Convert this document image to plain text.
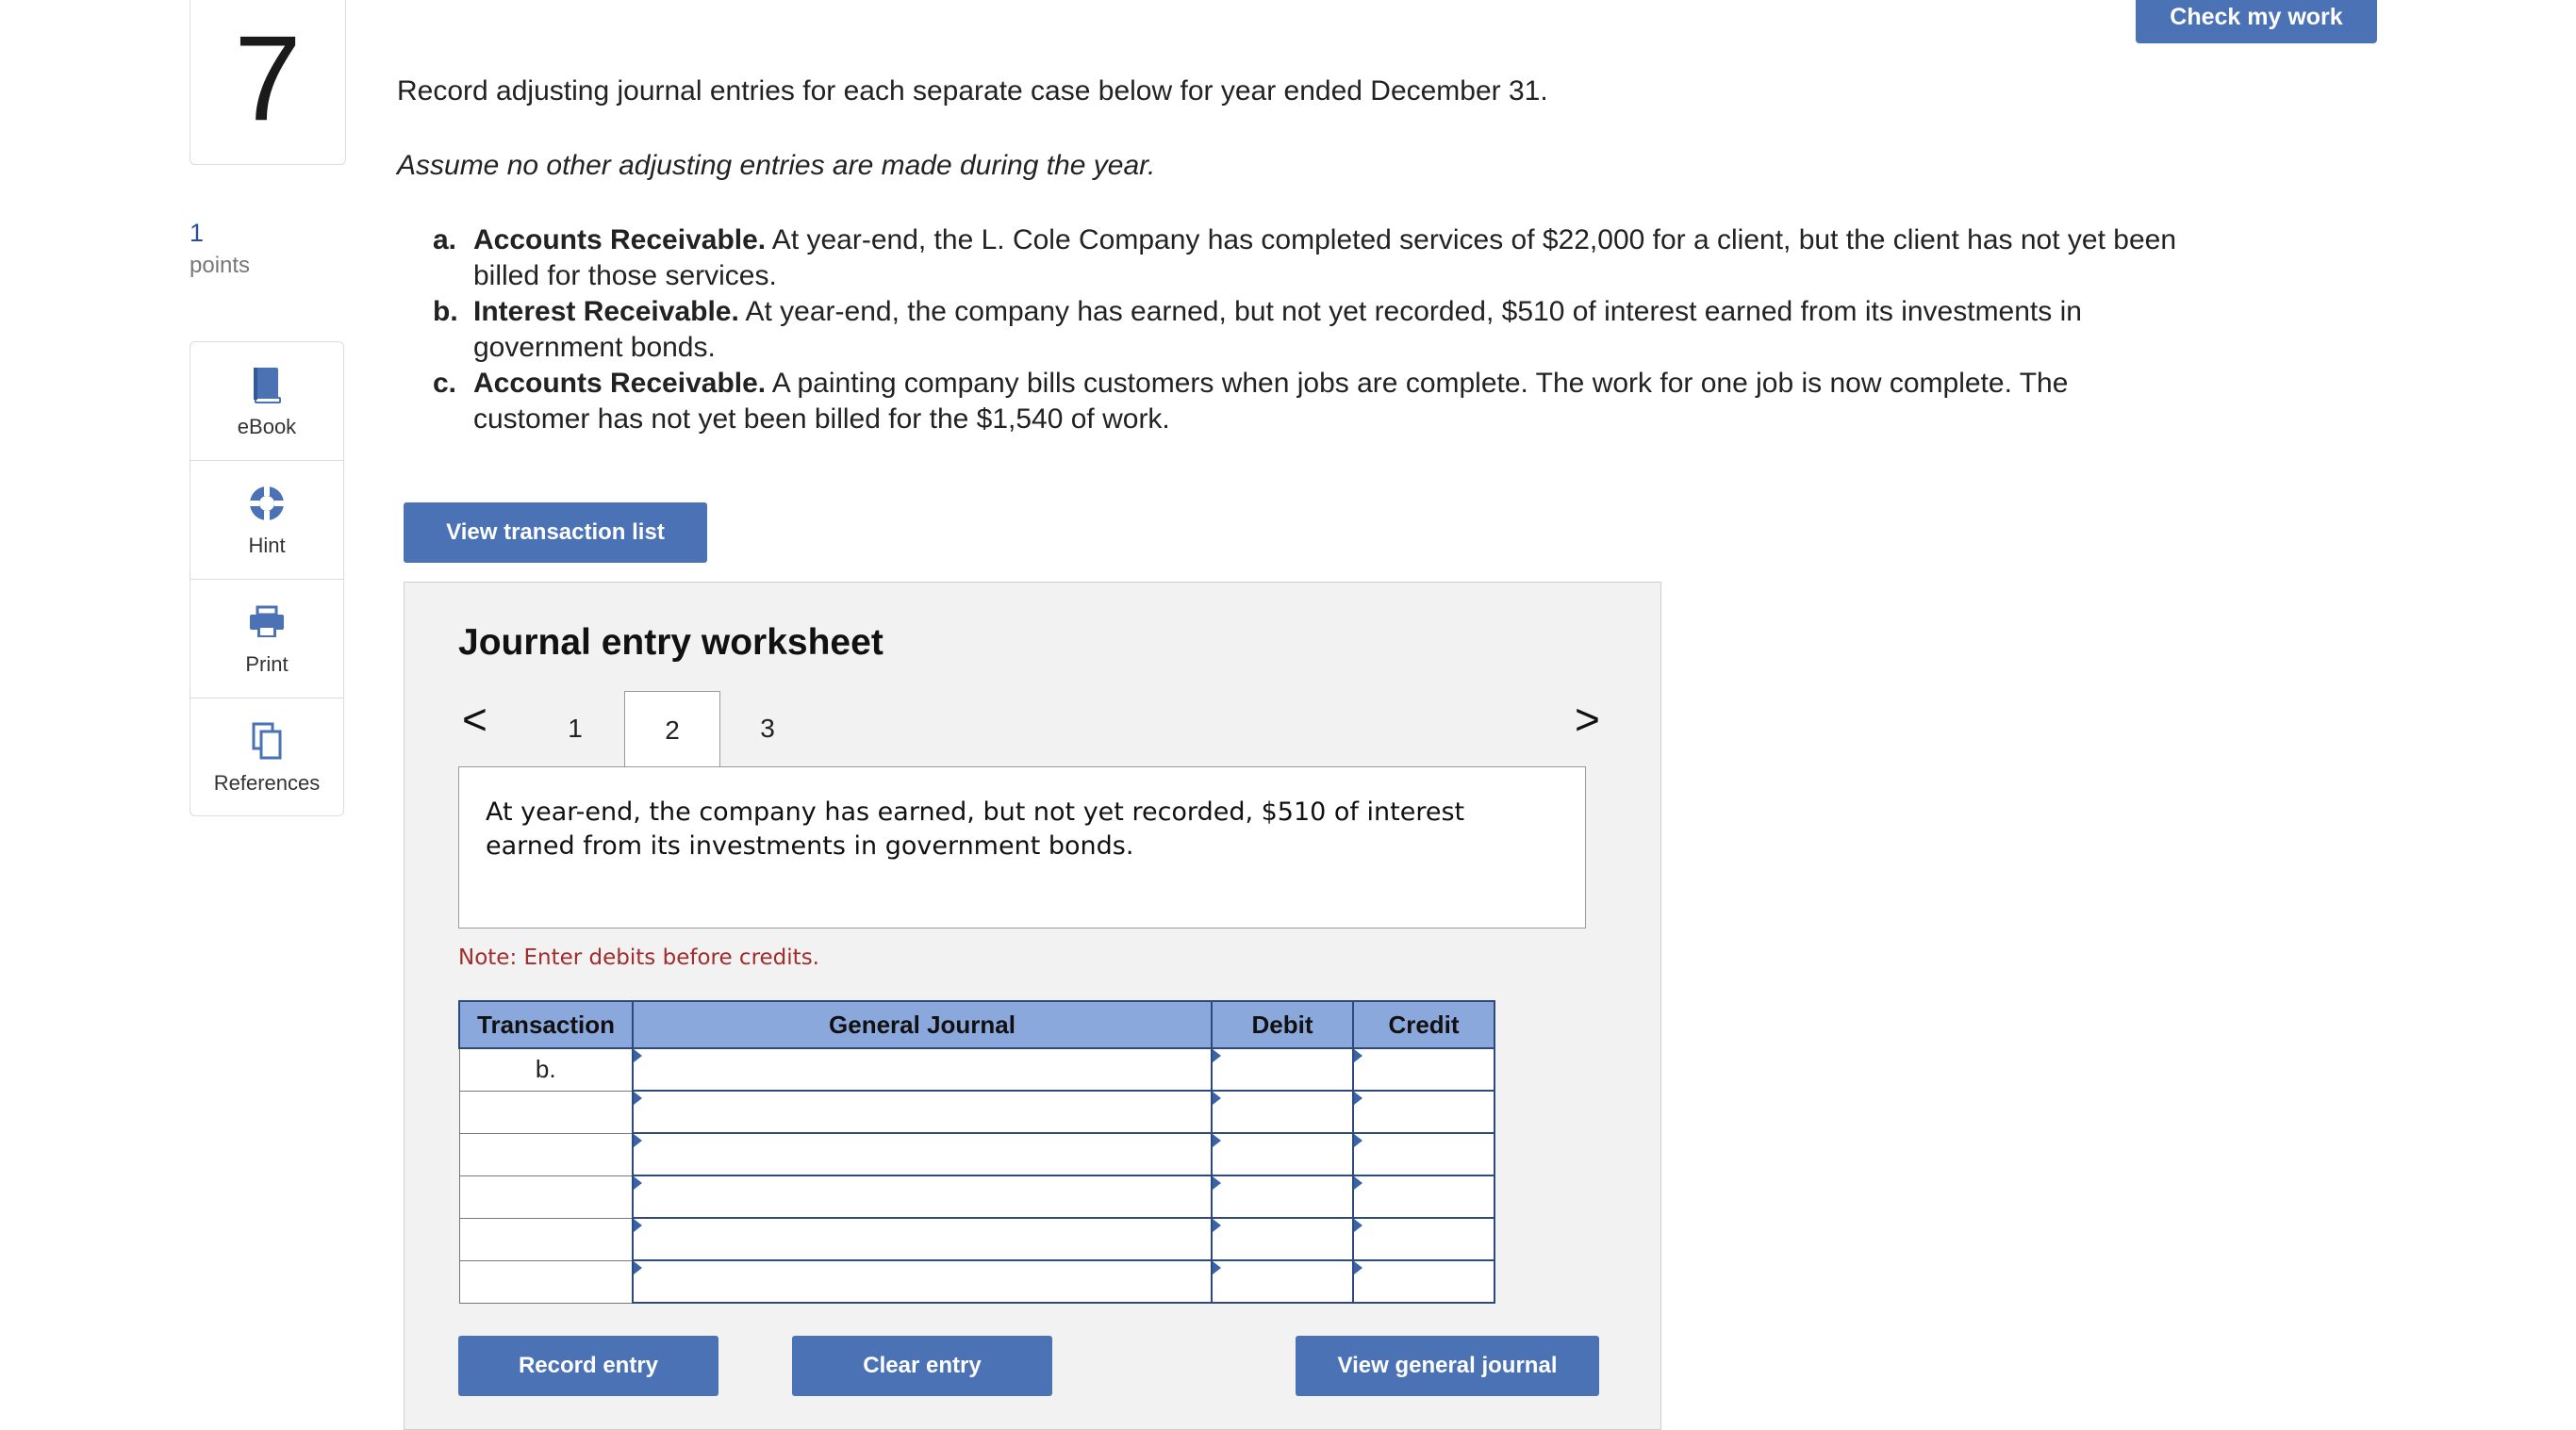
7
1
points
eBook
Hint
Print
References
Check my work
Record adjusting journal entries for each separate case below for year ended December 31.
Assume no other adjusting entries are made during the year.
a. Accounts Receivable. At year-end, the L. Cole Company has completed services of $22,000 for a client, but the client has not yet been billed for those services.
b. Interest Receivable. At year-end, the company has earned, but not yet recorded, $510 of interest earned from its investments in government bonds.
c. Accounts Receivable. A painting company bills customers when jobs are complete. The work for one job is now complete. The customer has not yet been billed for the $1,540 of work.
View transaction list
Journal entry worksheet
<	>
1	2	3
At year-end, the company has earned, but not yet recorded, $510 of interest earned from its investments in government bonds.
Note: Enter debits before credits.
Transaction	General Journal	Debit	Credit
b.	

Record entry	Clear entry	View general journal
